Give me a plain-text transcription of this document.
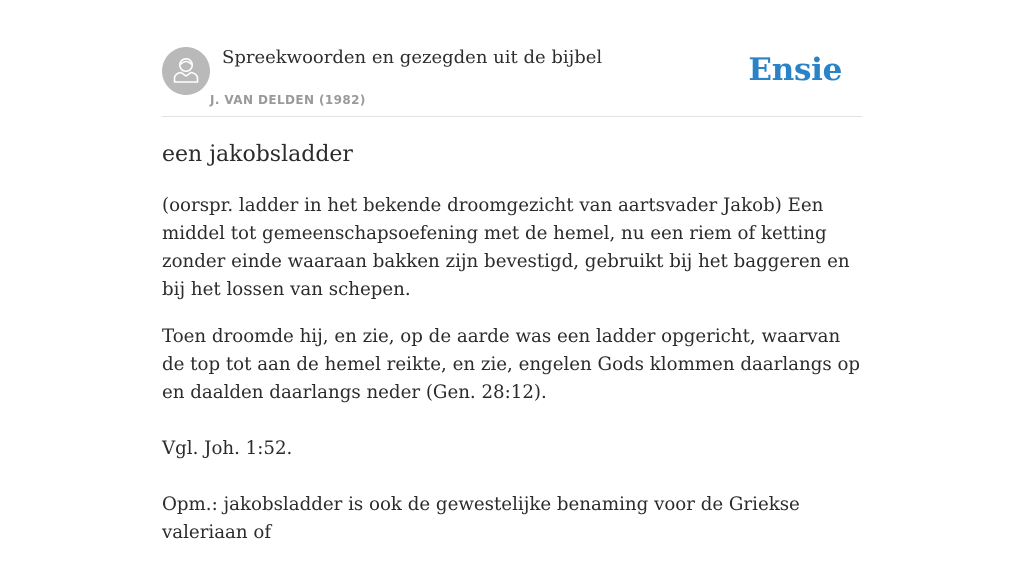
Spreekwoorden en gezegden uit de bijbel
J. VAN DELDEN (1982)
Ensie
een jakobsladder

(oorspr. ladder in het bekende droomgezicht van aartsvader Jakob) Een middel tot gemeenschapsoefening met de hemel, nu een riem of ketting zonder einde waaraan bakken zijn bevestigd, gebruikt bij het baggeren en bij het lossen van schepen.

Toen droomde hij, en zie, op de aarde was een ladder opgericht, waarvan de top tot aan de hemel reikte, en zie, engelen Gods klommen daarlangs op en daalden daarlangs neder (Gen. 28:12).

Vgl. Joh. 1:52.

Opm.: jakobsladder is ook de gewestelijke benaming voor de Griekse valeriaan of
